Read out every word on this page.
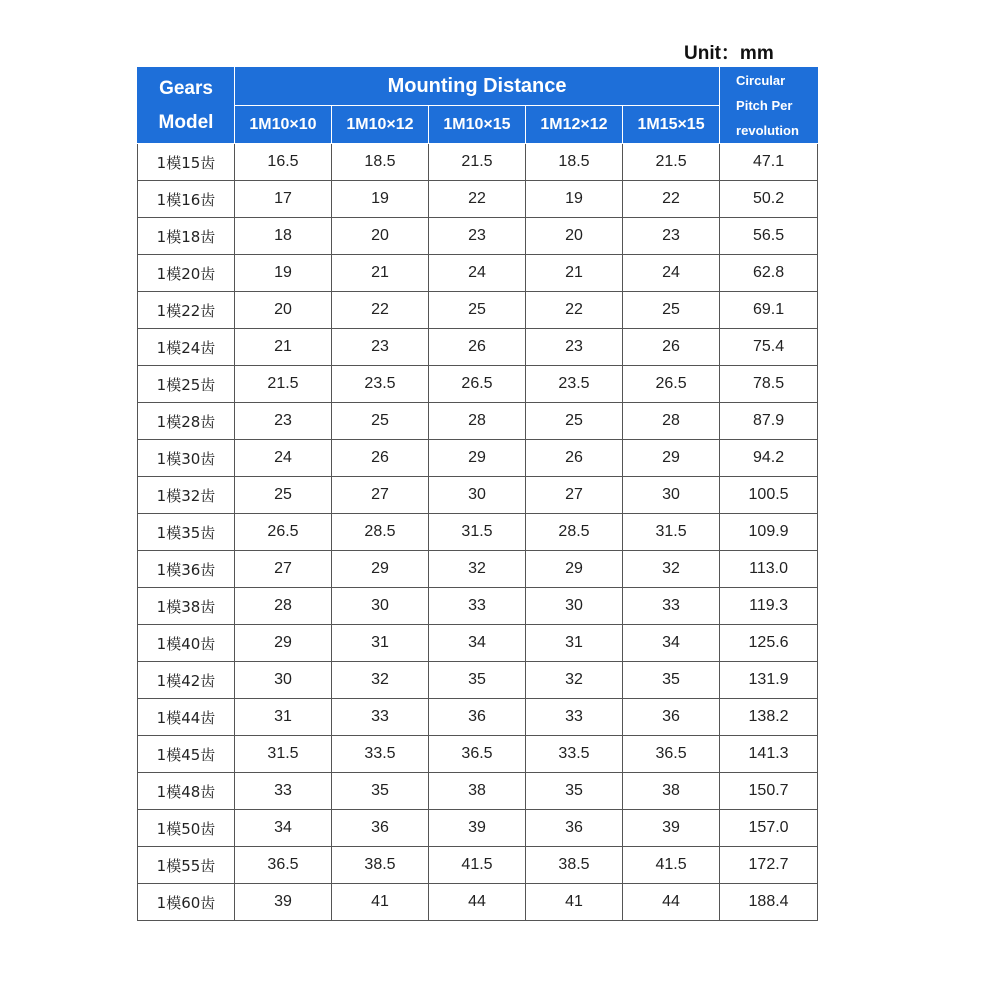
Unit：mm
Gears
Model	Mounting Distance					Circular
Pitch Per
revolution

	1M10×10	1M10×12	1M10×15	1M12×12	1M15×15	
1模15齿	16.5	18.5	21.5	18.5	21.5	47.1
1模16齿	17	19	22	19	22	50.2
1模18齿	18	20	23	20	23	56.5
1模20齿	19	21	24	21	24	62.8
1模22齿	20	22	25	22	25	69.1
1模24齿	21	23	26	23	26	75.4
1模25齿	21.5	23.5	26.5	23.5	26.5	78.5
1模28齿	23	25	28	25	28	87.9
1模30齿	24	26	29	26	29	94.2
1模32齿	25	27	30	27	30	100.5
1模35齿	26.5	28.5	31.5	28.5	31.5	109.9
1模36齿	27	29	32	29	32	113.0
1模38齿	28	30	33	30	33	119.3
1模40齿	29	31	34	31	34	125.6
1模42齿	30	32	35	32	35	131.9
1模44齿	31	33	36	33	36	138.2
1模45齿	31.5	33.5	36.5	33.5	36.5	141.3
1模48齿	33	35	38	35	38	150.7
1模50齿	34	36	39	36	39	157.0
1模55齿	36.5	38.5	41.5	38.5	41.5	172.7
1模60齿	39	41	44	41	44	188.4
